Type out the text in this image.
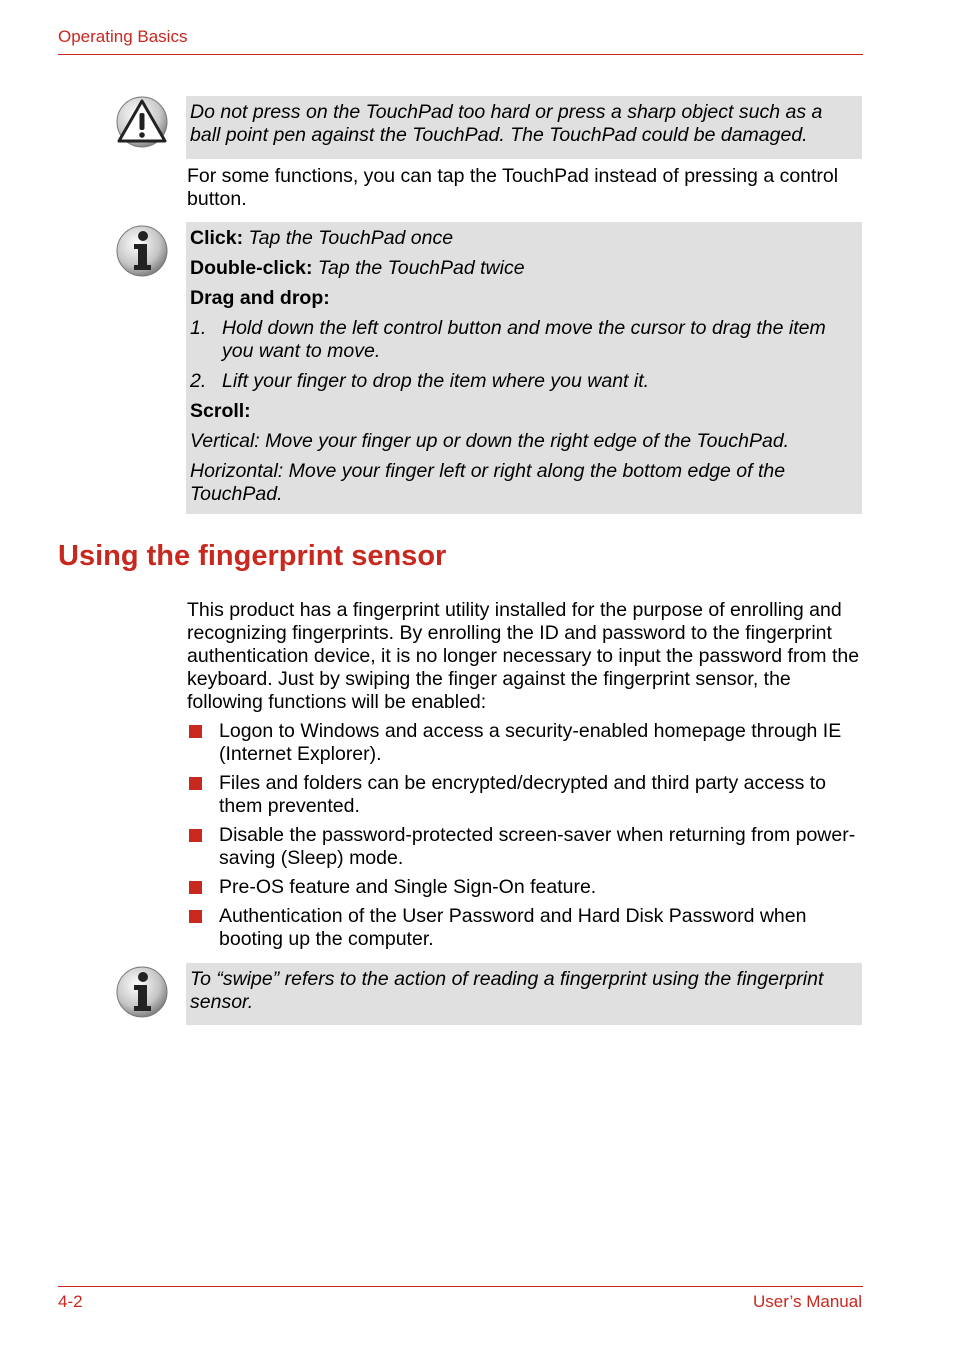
Operating Basics

Do not press on the TouchPad too hard or press a sharp object such as a ball point pen against the TouchPad. The TouchPad could be damaged.

For some functions, you can tap the TouchPad instead of pressing a control button.

Click: Tap the TouchPad once

Double-click: Tap the TouchPad twice

Drag and drop:

1. Hold down the left control button and move the cursor to drag the item you want to move.
2. Lift your finger to drop the item where you want it.

Scroll:

Vertical: Move your finger up or down the right edge of the TouchPad.

Horizontal: Move your finger left or right along the bottom edge of the TouchPad.

Using the fingerprint sensor

This product has a fingerprint utility installed for the purpose of enrolling and recognizing fingerprints. By enrolling the ID and password to the fingerprint authentication device, it is no longer necessary to input the password from the keyboard. Just by swiping the finger against the fingerprint sensor, the following functions will be enabled:

Logon to Windows and access a security-enabled homepage through IE (Internet Explorer).
Files and folders can be encrypted/decrypted and third party access to them prevented.
Disable the password-protected screen-saver when returning from power-saving (Sleep) mode.
Pre-OS feature and Single Sign-On feature.
Authentication of the User Password and Hard Disk Password when booting up the computer.

To “swipe” refers to the action of reading a fingerprint using the fingerprint sensor.

4-2	User’s Manual
